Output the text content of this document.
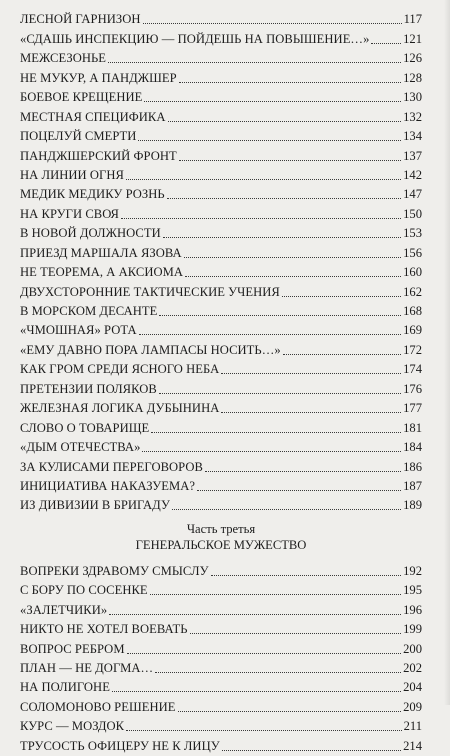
ЛЕСНОЙ ГАРНИЗОН	117
«СДАШЬ ИНСПЕКЦИЮ — ПОЙДЕШЬ НА ПОВЫШЕНИЕ…»	121
МЕЖСЕЗОНЬЕ	126
НЕ МУКУР, А ПАНДЖШЕР	128
БОЕВОЕ КРЕЩЕНИЕ	130
МЕСТНАЯ СПЕЦИФИКА	132
ПОЦЕЛУЙ СМЕРТИ	134
ПАНДЖШЕРСКИЙ ФРОНТ	137
НА ЛИНИИ ОГНЯ	142
МЕДИК МЕДИКУ РОЗНЬ	147
НА КРУГИ СВОЯ	150
В НОВОЙ ДОЛЖНОСТИ	153
ПРИЕЗД МАРШАЛА ЯЗОВА	156
НЕ ТЕОРЕМА, А АКСИОМА	160
ДВУХСТОРОННИЕ ТАКТИЧЕСКИЕ УЧЕНИЯ	162
В МОРСКОМ ДЕСАНТЕ	168
«ЧМОШНАЯ» РОТА	169
«ЕМУ ДАВНО ПОРА ЛАМПАСЫ НОСИТЬ…»	172
КАК ГРОМ СРЕДИ ЯСНОГО НЕБА	174
ПРЕТЕНЗИИ ПОЛЯКОВ	176
ЖЕЛЕЗНАЯ ЛОГИКА ДУБЫНИНА	177
СЛОВО О ТОВАРИЩЕ	181
«ДЫМ ОТЕЧЕСТВА»	184
ЗА КУЛИСАМИ ПЕРЕГОВОРОВ	186
ИНИЦИАТИВА НАКАЗУЕМА?	187
ИЗ ДИВИЗИИ В БРИГАДУ	189
Часть третья
ГЕНЕРАЛЬСКОЕ МУЖЕСТВО
ВОПРЕКИ ЗДРАВОМУ СМЫСЛУ	192
С БОРУ ПО СОСЕНКЕ	195
«ЗАЛЕТЧИКИ»	196
НИКТО НЕ ХОТЕЛ ВОЕВАТЬ	199
ВОПРОС РЕБРОМ	200
ПЛАН — НЕ ДОГМА…	202
НА ПОЛИГОНЕ	204
СОЛОМОНОВО РЕШЕНИЕ	209
КУРС — МОЗДОК	211
ТРУСОСТЬ ОФИЦЕРУ НЕ К ЛИЦУ	214
